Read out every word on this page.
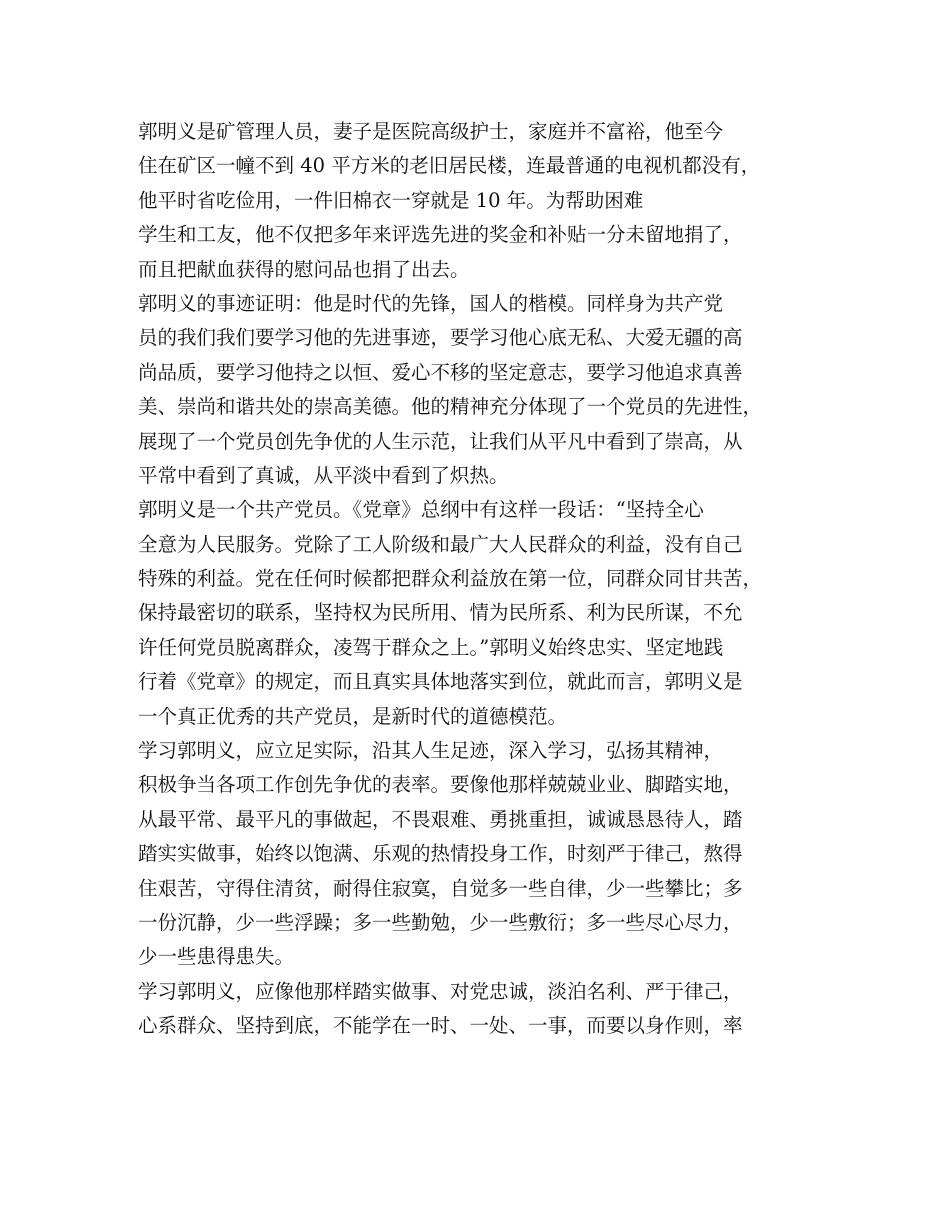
郭明义是矿管理人员，妻子是医院高级护士，家庭并不富裕，他至今
住在矿区一幢不到 40 平方米的老旧居民楼，连最普通的电视机都没有，
他平时省吃俭用，一件旧棉衣一穿就是 10 年。为帮助困难
学生和工友，他不仅把多年来评选先进的奖金和补贴一分未留地捐了，
而且把献血获得的慰问品也捐了出去。
郭明义的事迹证明：他是时代的先锋，国人的楷模。同样身为共产党
员的我们我们要学习他的先进事迹，要学习他心底无私、大爱无疆的高
尚品质，要学习他持之以恒、爱心不移的坚定意志，要学习他追求真善
美、崇尚和谐共处的崇高美德。他的精神充分体现了一个党员的先进性，
展现了一个党员创先争优的人生示范，让我们从平凡中看到了崇高，从
平常中看到了真诚，从平淡中看到了炽热。
郭明义是一个共产党员。《党章》总纲中有这样一段话：“坚持全心
全意为人民服务。党除了工人阶级和最广大人民群众的利益，没有自己
特殊的利益。党在任何时候都把群众利益放在第一位，同群众同甘共苦，
保持最密切的联系，坚持权为民所用、情为民所系、利为民所谋，不允
许任何党员脱离群众，凌驾于群众之上。”郭明义始终忠实、坚定地践
行着《党章》的规定，而且真实具体地落实到位，就此而言，郭明义是
一个真正优秀的共产党员，是新时代的道德模范。
学习郭明义，应立足实际，沿其人生足迹，深入学习，弘扬其精神，
积极争当各项工作创先争优的表率。要像他那样兢兢业业、脚踏实地，
从最平常、最平凡的事做起，不畏艰难、勇挑重担，诚诚恳恳待人，踏
踏实实做事，始终以饱满、乐观的热情投身工作，时刻严于律己，熬得
住艰苦，守得住清贫，耐得住寂寞，自觉多一些自律，少一些攀比；多
一份沉静，少一些浮躁；多一些勤勉，少一些敷衍；多一些尽心尽力，
少一些患得患失。
学习郭明义，应像他那样踏实做事、对党忠诚，淡泊名利、严于律己，
心系群众、坚持到底，不能学在一时、一处、一事，而要以身作则，率
